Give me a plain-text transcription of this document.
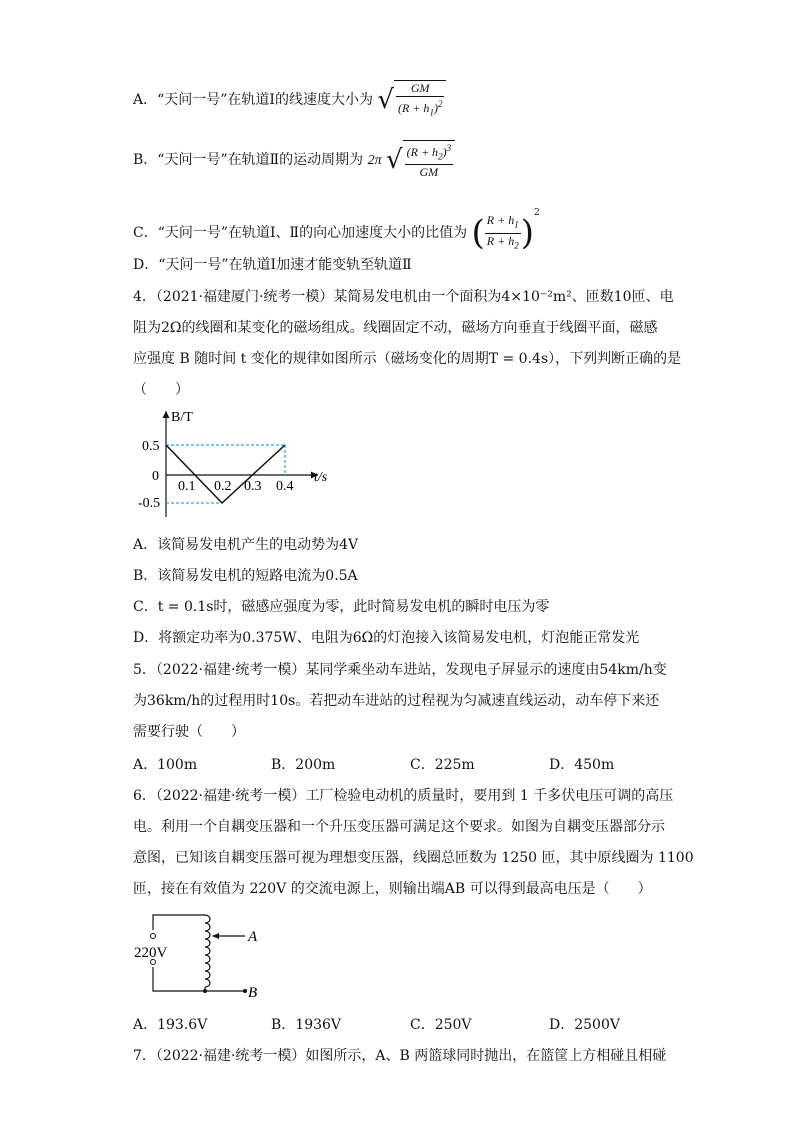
A．“天问一号”在轨道Ⅰ的线速度大小为 √ $\frac{GM}{(R + h_1)^2}$
B．“天问一号”在轨道Ⅱ的运动周期为 2π √ $\frac{(R + h_2)^3}{GM}$
C．“天问一号”在轨道Ⅰ、Ⅱ的向心加速度大小的比值为 ( $\frac{R + h_1}{R + h_2} )^2$
D．“天问一号”在轨道Ⅰ加速才能变轨至轨道Ⅱ
4．（2021·福建厦门·统考一模）某简易发电机由一个面积为4×10⁻²m²、匝数10匝、电
阻为2Ω的线圈和某变化的磁场组成。线圈固定不动，磁场方向垂直于线圈平面，磁感
应强度 B 随时间 t 变化的规律如图所示（磁场变化的周期T = 0.4s），下列判断正确的是
（　　）
B/T
t/s
0.5
0
-0.5
0.1 0.2 0.3 0.4
A．该简易发电机产生的电动势为4V
B．该简易发电机的短路电流为0.5A
C．t = 0.1s时，磁感应强度为零，此时简易发电机的瞬时电压为零
D．将额定功率为0.375W、电阻为6Ω的灯泡接入该简易发电机，灯泡能正常发光
5．（2022·福建·统考一模）某同学乘坐动车进站，发现电子屏显示的速度由54km/h变
为36km/h的过程用时10s。若把动车进站的过程视为匀减速直线运动，动车停下来还
需要行驶（　　）
A．100m	B．200m	C．225m	D．450m
6．（2022·福建·统考一模）工厂检验电动机的质量时，要用到 1 千多伏电压可调的高压
电。利用一个自耦变压器和一个升压变压器可满足这个要求。如图为自耦变压器部分示
意图，已知该自耦变压器可视为理想变压器，线圈总匝数为 1250 匝，其中原线圈为 1100
匝，接在有效值为 220V 的交流电源上，则输出端AB 可以得到最高电压是（　　）
220V
A
B
A．193.6V	B．1936V	C．250V	D．2500V
7．（2022·福建·统考一模）如图所示，A、B 两篮球同时抛出，在篮筐上方相碰且相碰
